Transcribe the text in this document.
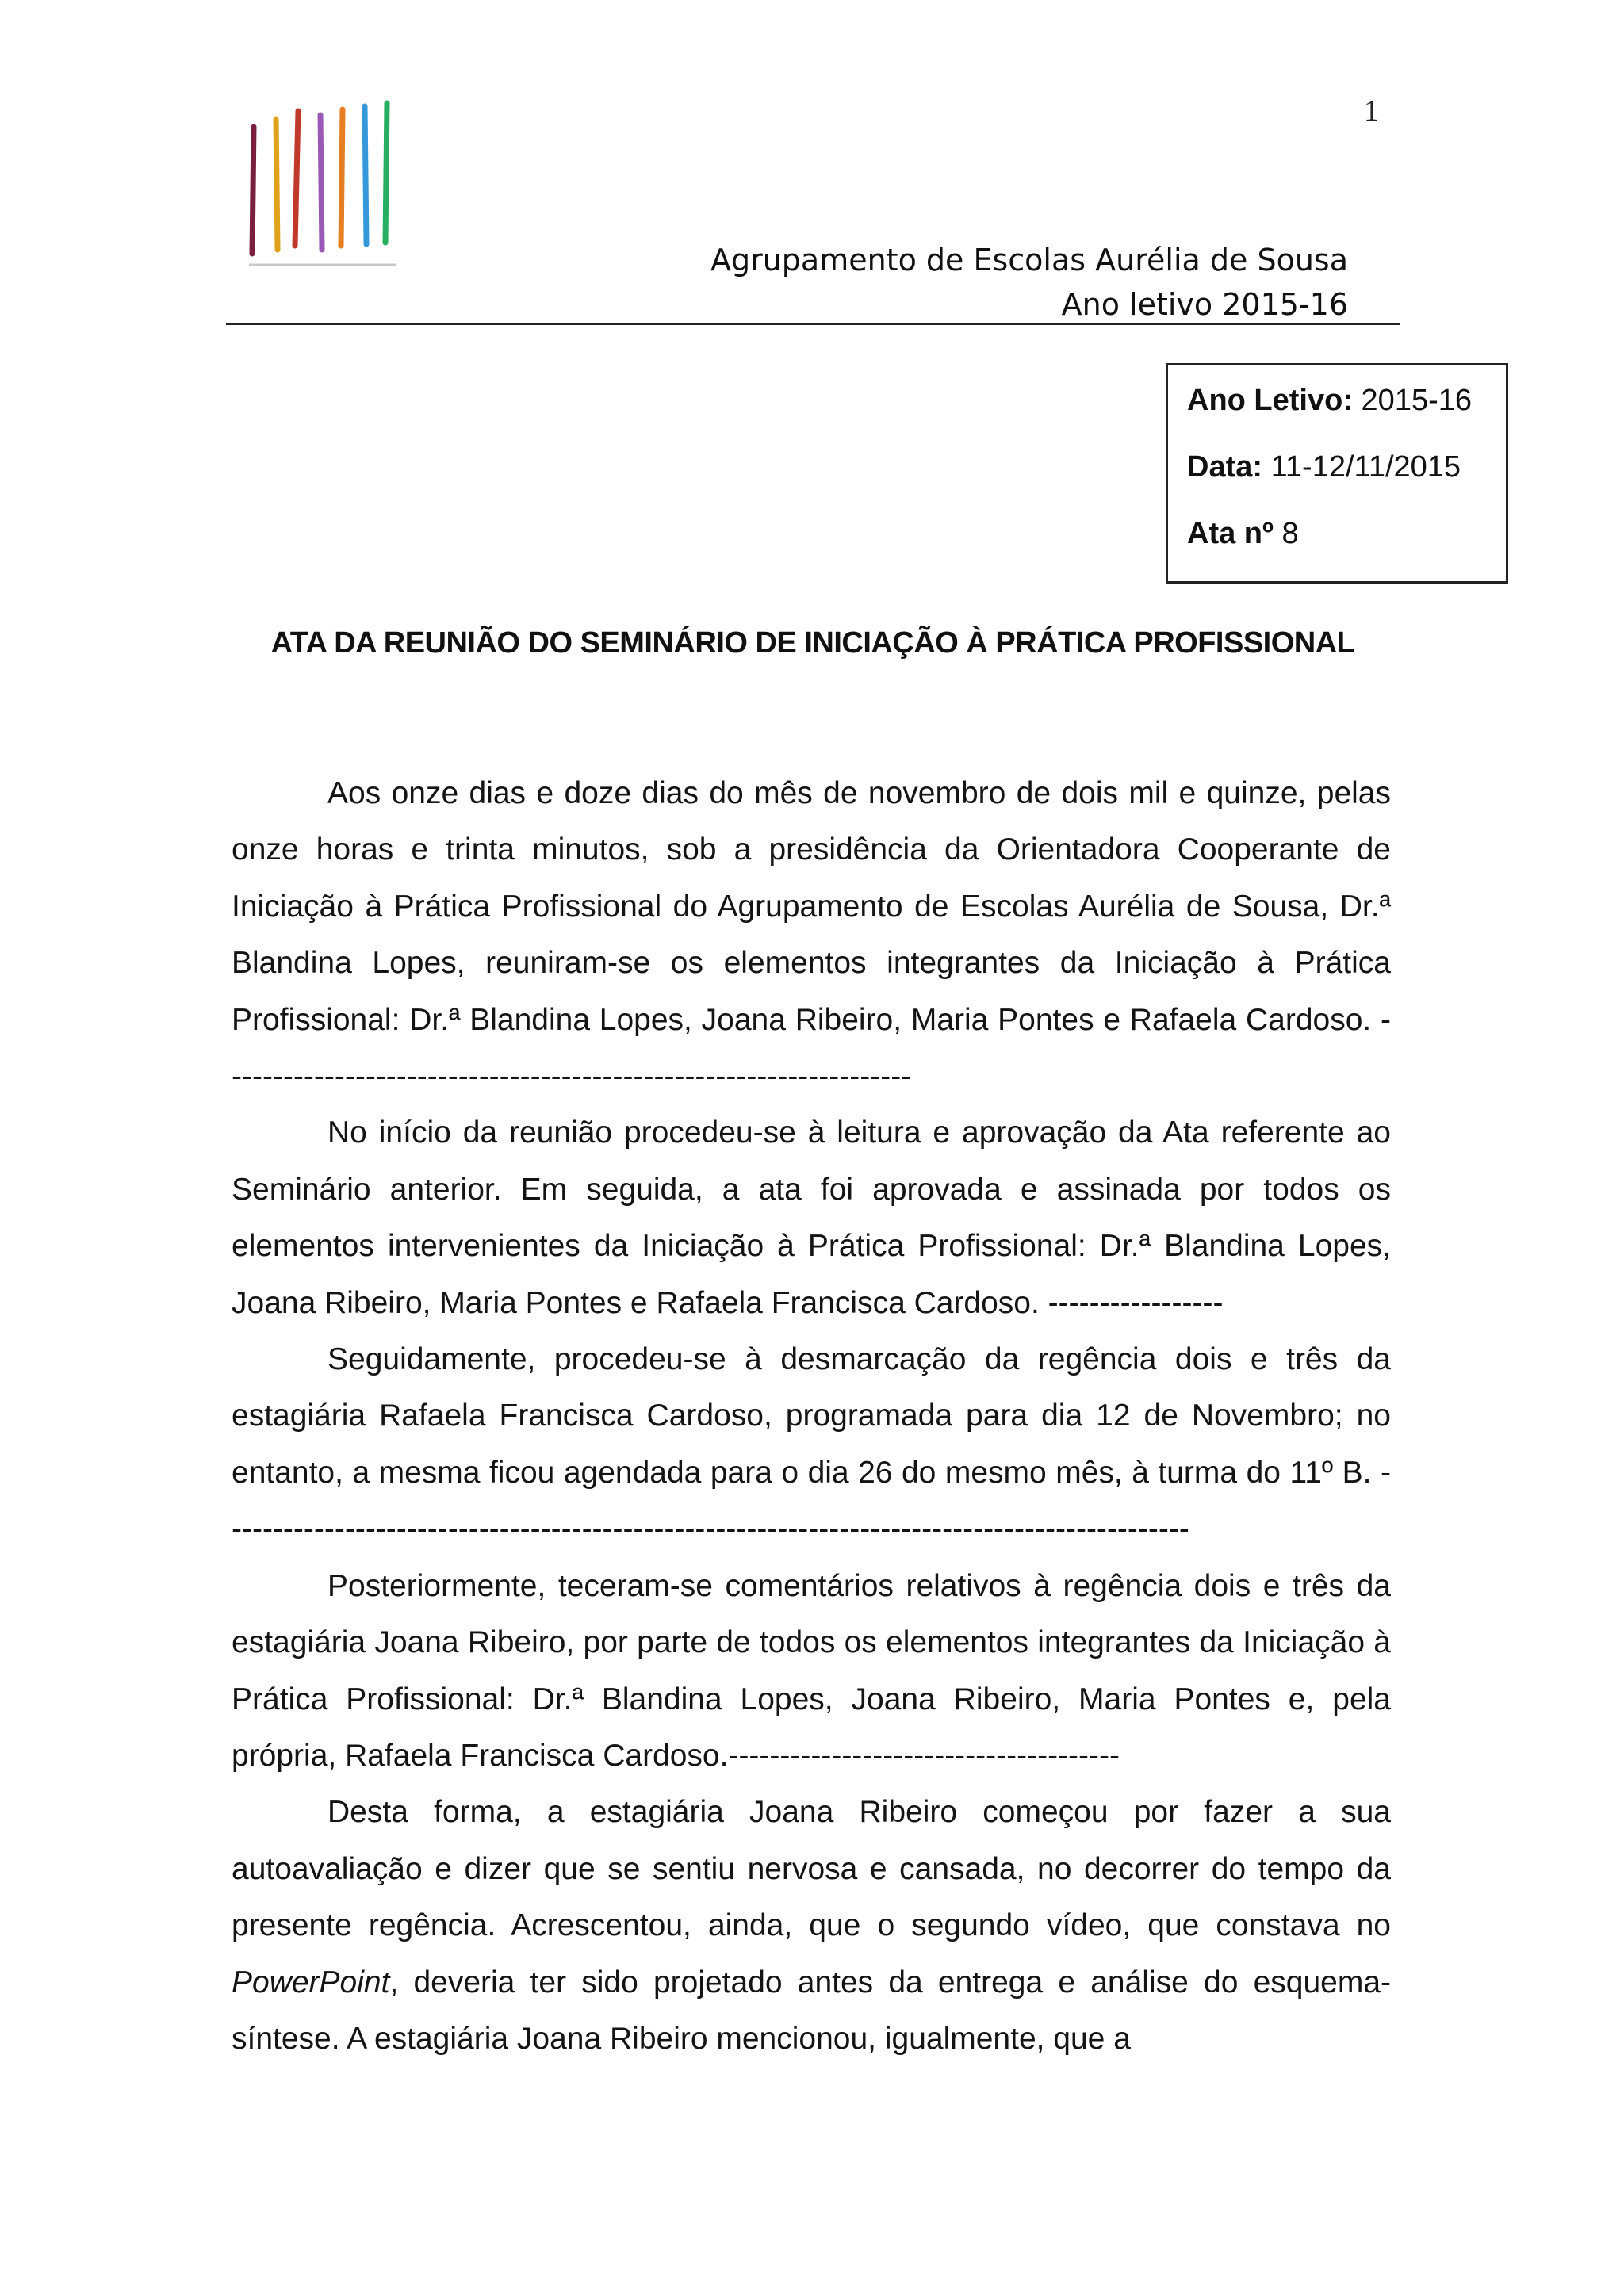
1
Agrupamento de Escolas Aurélia de Sousa
Ano letivo 2015-16
Ano Letivo: 2015-16
Data: 11-12/11/2015
Ata nº 8
ATA DA REUNIÃO DO SEMINÁRIO DE INICIAÇÃO À PRÁTICA PROFISSIONAL

Aos onze dias e doze dias do mês de novembro de dois mil e quinze, pelas onze horas e trinta minutos, sob a presidência da Orientadora Cooperante de Iniciação à Prática Profissional do Agrupamento de Escolas Aurélia de Sousa, Dr.ª Blandina Lopes, reuniram-se os elementos integrantes da Iniciação à Prática Profissional: Dr.ª Blandina Lopes, Joana Ribeiro, Maria Pontes e Rafaela Cardoso. -------------------------------------------------------------------

No início da reunião procedeu-se à leitura e aprovação da Ata referente ao Seminário anterior. Em seguida, a ata foi aprovada e assinada por todos os elementos intervenientes da Iniciação à Prática Profissional: Dr.ª Blandina Lopes, Joana Ribeiro, Maria Pontes e Rafaela Francisca Cardoso. -----------------

Seguidamente, procedeu-se à desmarcação da regência dois e três da estagiária Rafaela Francisca Cardoso, programada para dia 12 de Novembro; no entanto, a mesma ficou agendada para o dia 26 do mesmo mês, à turma do 11º B. ----------------------------------------------------------------------------------------------

Posteriormente, teceram-se comentários relativos à regência dois e três da estagiária Joana Ribeiro, por parte de todos os elementos integrantes da Iniciação à Prática Profissional: Dr.ª Blandina Lopes, Joana Ribeiro, Maria Pontes e, pela própria, Rafaela Francisca Cardoso.--------------------------------------

Desta forma, a estagiária Joana Ribeiro começou por fazer a sua autoavaliação e dizer que se sentiu nervosa e cansada, no decorrer do tempo da presente regência. Acrescentou, ainda, que o segundo vídeo, que constava no PowerPoint, deveria ter sido projetado antes da entrega e análise do esquema-síntese. A estagiária Joana Ribeiro mencionou, igualmente, que a
